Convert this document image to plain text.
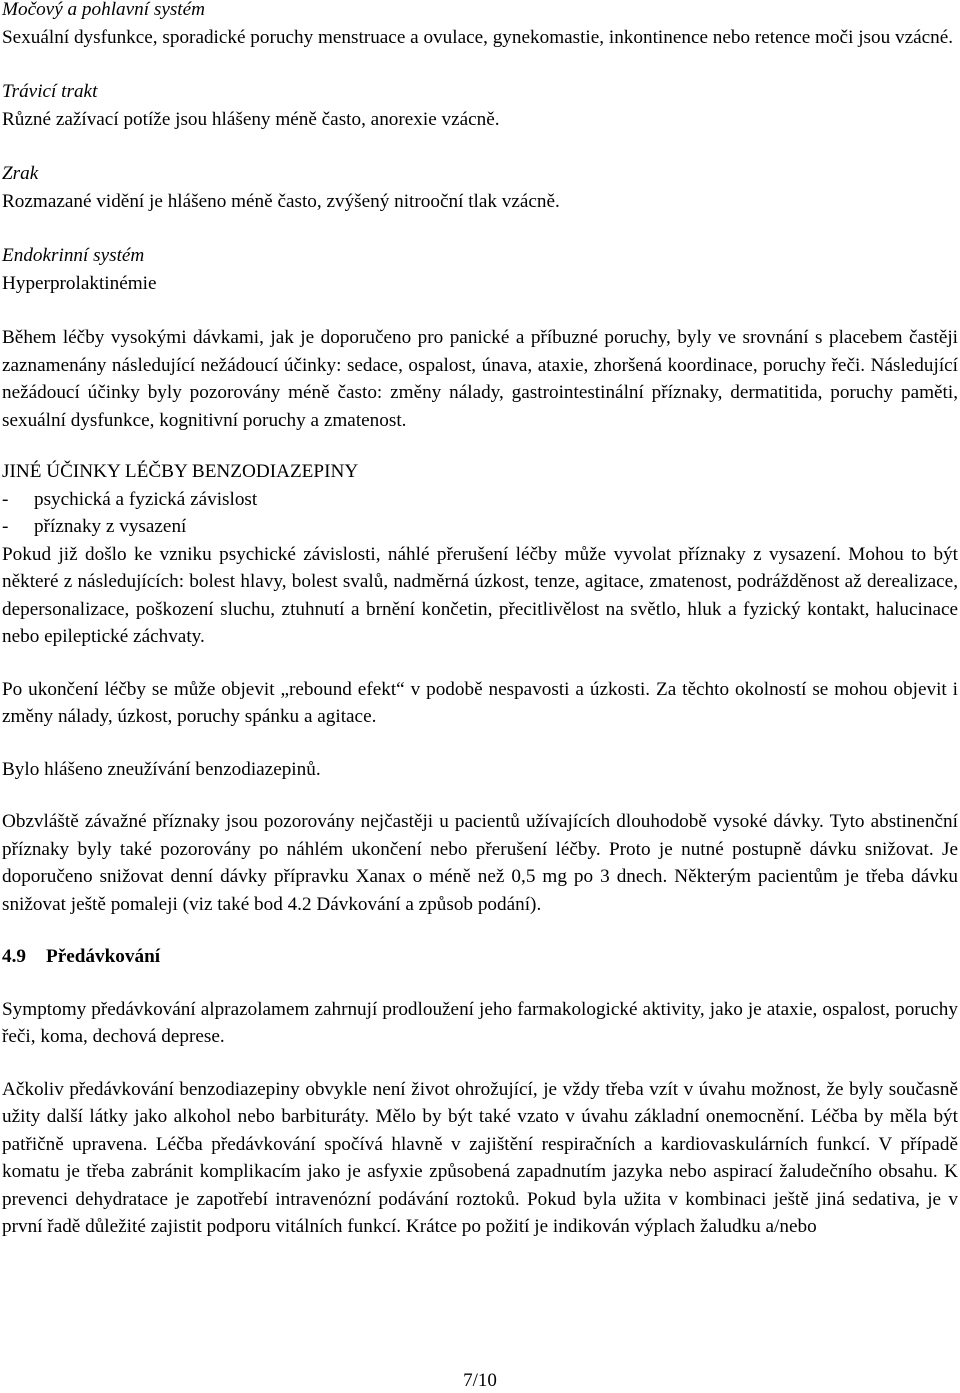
Močový a pohlavní systém

Sexuální dysfunkce, sporadické poruchy menstruace a ovulace, gynekomastie, inkontinence nebo retence moči jsou vzácné.

Trávicí trakt

Různé zažívací potíže jsou hlášeny méně často, anorexie vzácně.

Zrak

Rozmazané vidění je hlášeno méně často, zvýšený nitrooční tlak vzácně.

Endokrinní systém

Hyperprolaktinémie

Během léčby vysokými dávkami, jak je doporučeno pro panické a příbuzné poruchy, byly ve srovnání s placebem častěji zaznamenány následující nežádoucí účinky: sedace, ospalost, únava, ataxie, zhoršená koordinace, poruchy řeči. Následující nežádoucí účinky byly pozorovány méně často: změny nálady, gastrointestinální příznaky, dermatitida, poruchy paměti, sexuální dysfunkce, kognitivní poruchy a zmatenost.

JINÉ ÚČINKY LÉČBY BENZODIAZEPINY

-	psychická a fyzická závislost
-	příznaky z vysazení

Pokud již došlo ke vzniku psychické závislosti, náhlé přerušení léčby může vyvolat příznaky z vysazení. Mohou to být některé z následujících: bolest hlavy, bolest svalů, nadměrná úzkost, tenze, agitace, zmatenost, podrážděnost až derealizace, depersonalizace, poškození sluchu, ztuhnutí a brnění končetin, přecitlivělost na světlo, hluk a fyzický kontakt, halucinace nebo epileptické záchvaty.

Po ukončení léčby se může objevit „rebound efekt“ v podobě nespavosti a úzkosti. Za těchto okolností se mohou objevit i změny nálady, úzkost, poruchy spánku a agitace.

Bylo hlášeno zneužívání benzodiazepinů.

Obzvláště závažné příznaky jsou pozorovány nejčastěji u pacientů užívajících dlouhodobě vysoké dávky. Tyto abstinenční příznaky byly také pozorovány po náhlém ukončení nebo přerušení léčby. Proto je nutné postupně dávku snižovat. Je doporučeno snižovat denní dávky přípravku Xanax o méně než 0,5 mg po 3 dnech. Některým pacientům je třeba dávku snižovat ještě pomaleji (viz také bod 4.2 Dávkování a způsob podání).

4.9	Předávkování

Symptomy předávkování alprazolamem zahrnují prodloužení jeho farmakologické aktivity, jako je ataxie, ospalost, poruchy řeči, koma, dechová deprese.

Ačkoliv předávkování benzodiazepiny obvykle není život ohrožující, je vždy třeba vzít v úvahu možnost, že byly současně užity další látky jako alkohol nebo barbituráty. Mělo by být také vzato v úvahu základní onemocnění. Léčba by měla být patřičně upravena. Léčba předávkování spočívá hlavně v zajištění respiračních a kardiovaskulárních funkcí. V případě komatu je třeba zabránit komplikacím jako je asfyxie způsobená zapadnutím jazyka nebo aspirací žaludečního obsahu. K prevenci dehydratace je zapotřebí intravenózní podávání roztoků. Pokud byla užita v kombinaci ještě jiná sedativa, je v první řadě důležité zajistit podporu vitálních funkcí. Krátce po požití je indikován výplach žaludku a/nebo

7/10
